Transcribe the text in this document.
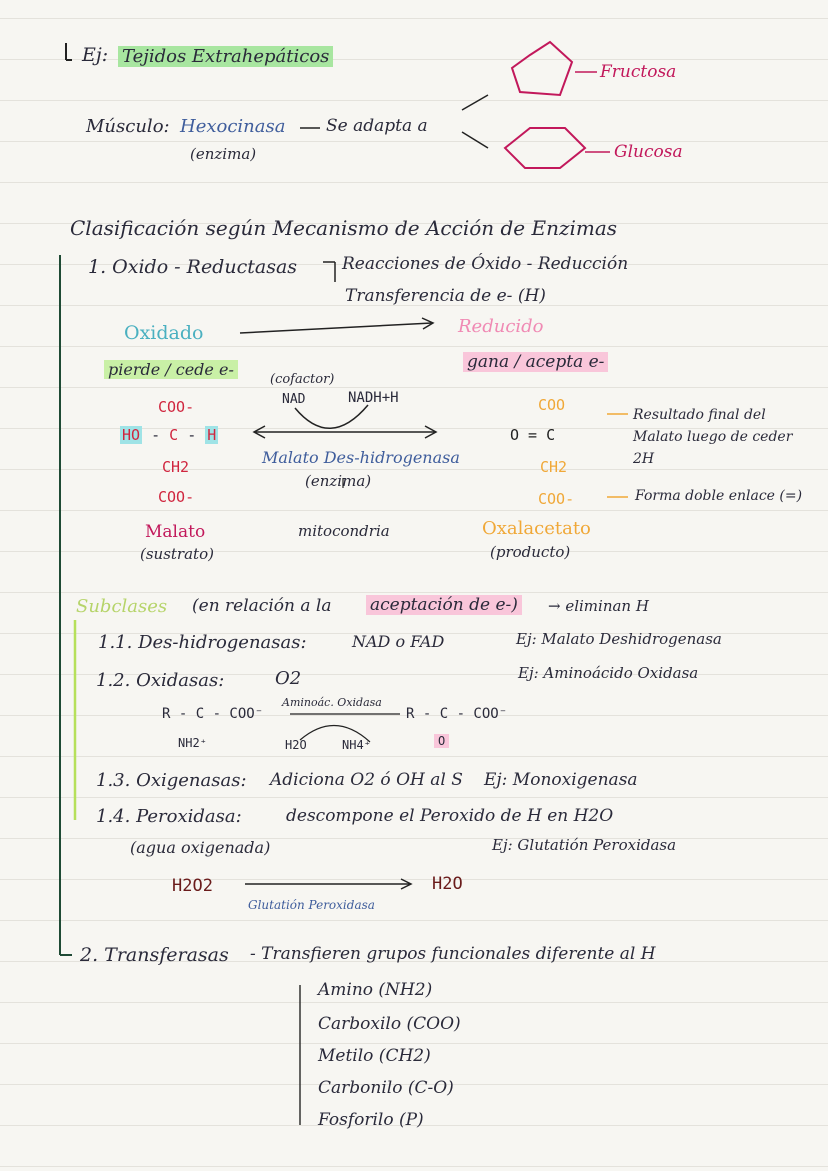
Ej: Tejidos Extrahepáticos
Fructosa
Glucosa
Músculo: Hexocinasa Se adapta a
(enzima)
Clasificación según Mecanismo de Acción de Enzimas
1. Oxido - Reductasas	Reacciones de Óxido - Reducción
Transferencia de e- (H)
Oxidado	Reducido
pierde / cede e-	gana / acepta e-
COO-
HO - C - H
CH2
COO-
Malato
(sustrato)
(cofactor)
NAD	NADH+H
Malato Des-hidrogenasa
(enzima)
mitocondria
COO
O = C
CH2
COO-
Oxalacetato
(producto)
Resultado final del Malato luego de ceder 2H
Forma doble enlace (=)
Subclases (en relación a la aceptación de e-) → eliminan H
1.1. Des-hidrogenasas:	NAD o FAD	Ej: Malato Deshidrogenasa
1.2. Oxidasas:	O2	Ej: Aminoácido Oxidasa
R - C - COO⁻
NH2⁺
Aminoác. Oxidasa
H2O	NH4⁺
R - C - COO⁻
O
1.3. Oxigenasas: Adiciona O2 ó OH al S Ej: Monoxigenasa
1.4. Peroxidasa:	descompone el Peroxido de H en H2O
(agua oxigenada)	Ej: Glutatión Peroxidasa
H2O2	H2O
Glutatión Peroxidasa
2. Transferasas - Transfieren grupos funcionales diferente al H
Amino (NH2)
Carboxilo (COO)
Metilo (CH2)
Carbonilo (C-O)
Fosforilo (P)
